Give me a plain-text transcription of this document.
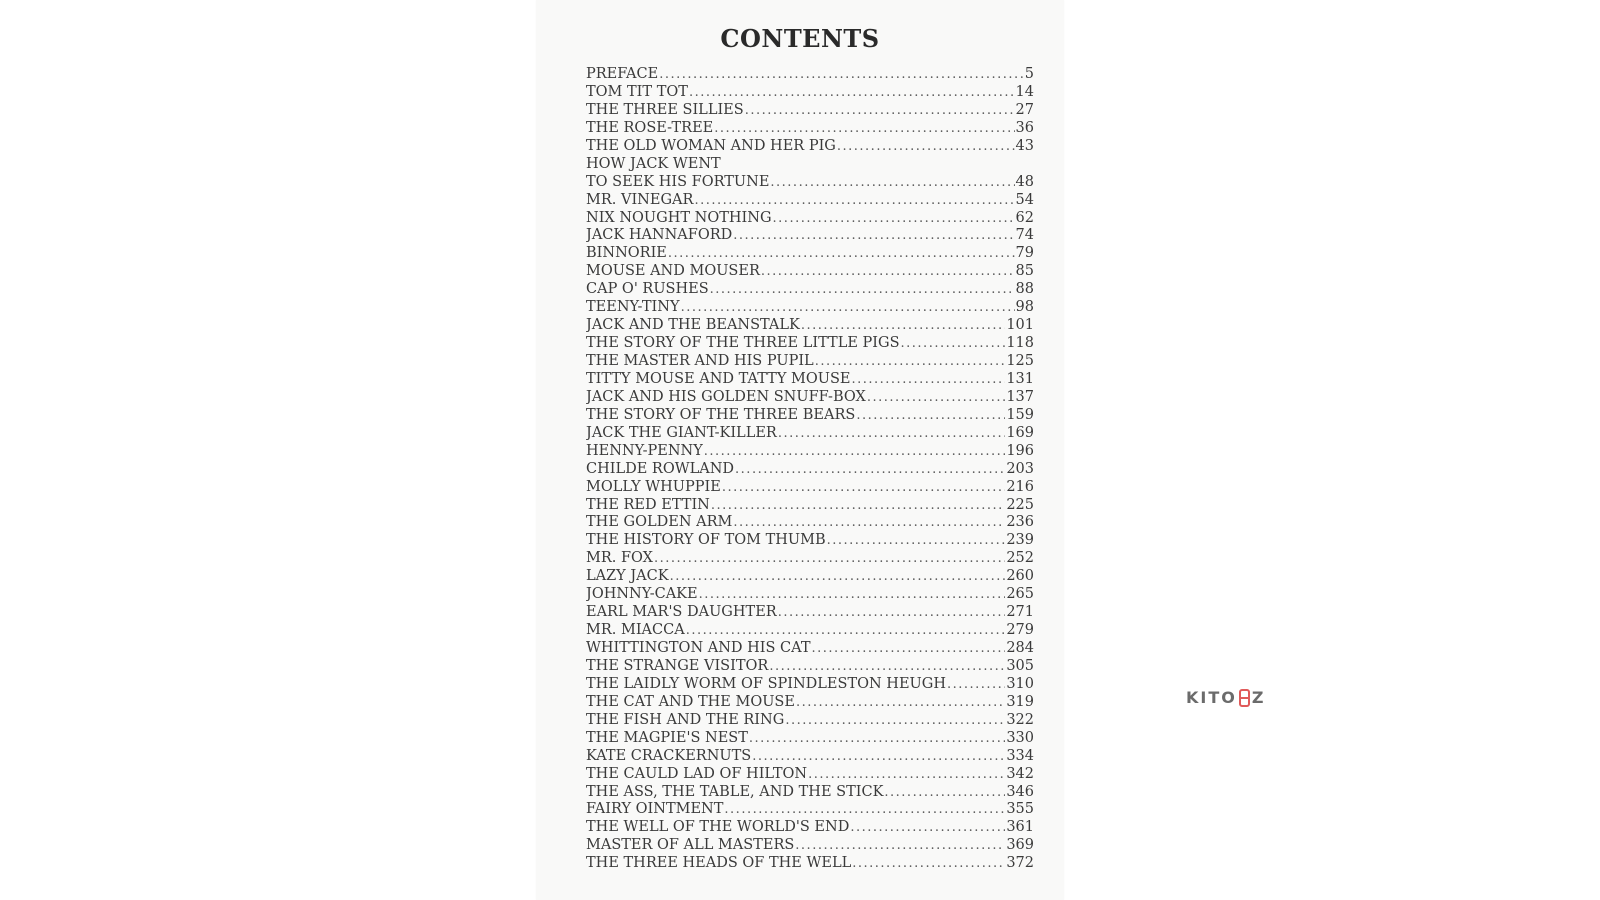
CONTENTS
PREFACE .....	5
TOM TIT TOT .....	14
THE THREE SILLIES .....	27
THE ROSE-TREE .....	36
THE OLD WOMAN AND HER PIG .....	43
HOW JACK WENT
TO SEEK HIS FORTUNE .....	48
MR. VINEGAR .....	54
NIX NOUGHT NOTHING .....	62
JACK HANNAFORD .....	74
BINNORIE .....	79
MOUSE AND MOUSER .....	85
CAP O' RUSHES .....	88
TEENY-TINY .....	98
JACK AND THE BEANSTALK .....	101
THE STORY OF THE THREE LITTLE PIGS .....	118
THE MASTER AND HIS PUPIL .....	125
TITTY MOUSE AND TATTY MOUSE .....	131
JACK AND HIS GOLDEN SNUFF-BOX .....	137
THE STORY OF THE THREE BEARS .....	159
JACK THE GIANT-KILLER .....	169
HENNY-PENNY .....	196
CHILDE ROWLAND .....	203
MOLLY WHUPPIE .....	216
THE RED ETTIN .....	225
THE GOLDEN ARM .....	236
THE HISTORY OF TOM THUMB .....	239
MR. FOX .....	252
LAZY JACK .....	260
JOHNNY-CAKE .....	265
EARL MAR'S DAUGHTER .....	271
MR. MIACCA .....	279
WHITTINGTON AND HIS CAT .....	284
THE STRANGE VISITOR .....	305
THE LAIDLY WORM OF SPINDLESTON HEUGH .....	310
THE CAT AND THE MOUSE .....	319
THE FISH AND THE RING .....	322
THE MAGPIE'S NEST .....	330
KATE CRACKERNUTS .....	334
THE CAULD LAD OF HILTON .....	342
THE ASS, THE TABLE, AND THE STICK .....	346
FAIRY OINTMENT .....	355
THE WELL OF THE WORLD'S END .....	361
MASTER OF ALL MASTERS .....	369
THE THREE HEADS OF THE WELL .....	372
KITO Z
